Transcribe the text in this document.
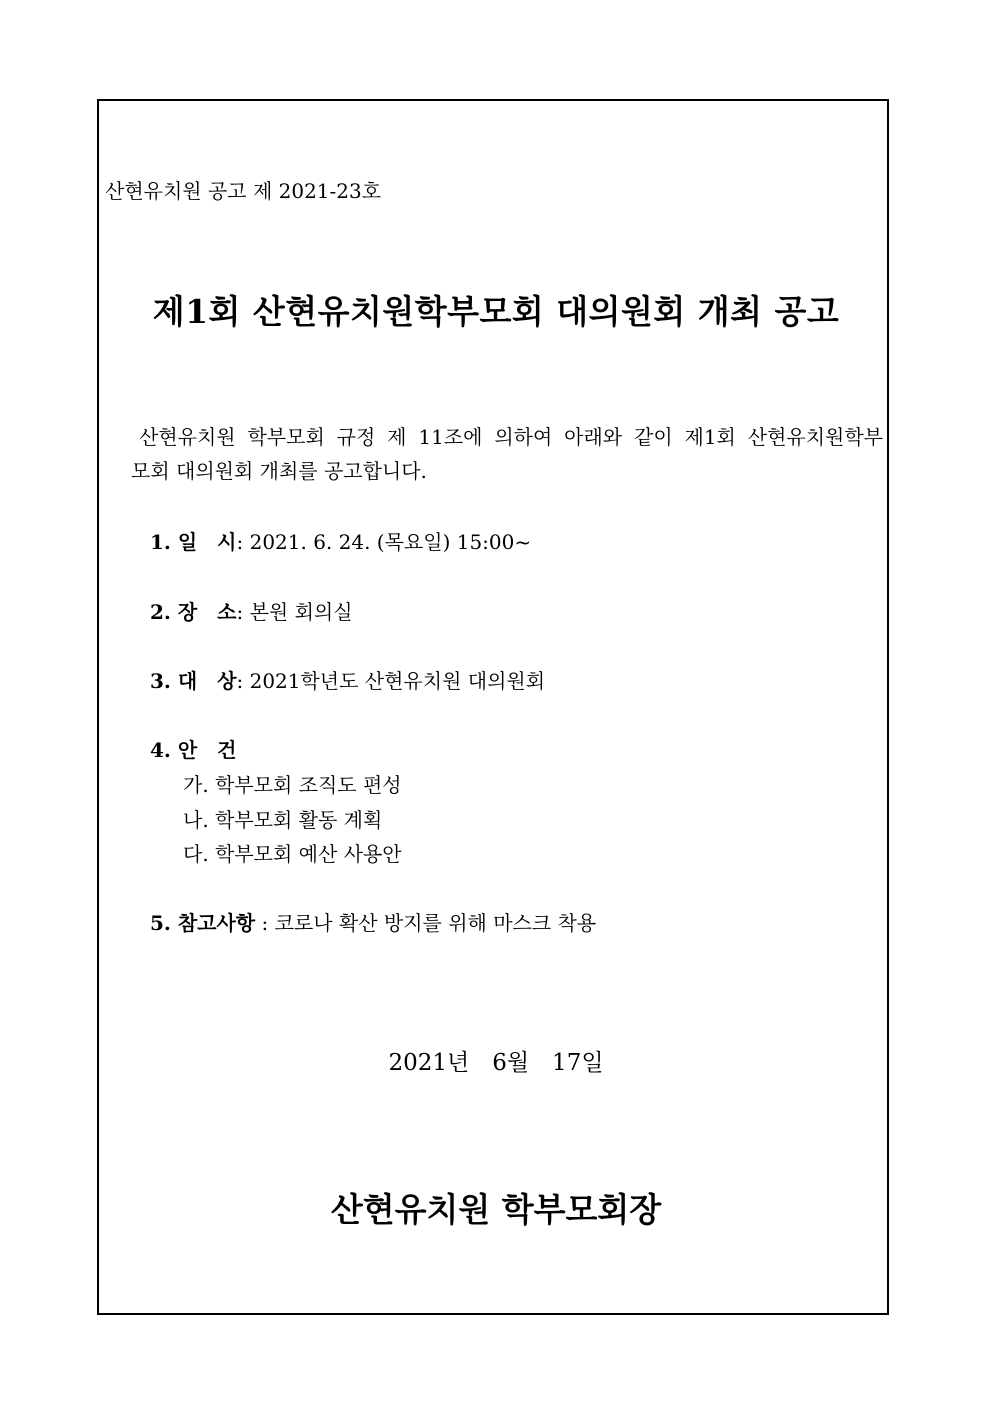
산현유치원 공고 제 2021-23호
제1회 산현유치원학부모회 대의원회 개최 공고
산현유치원 학부모회 규정 제 11조에 의하여 아래와 같이 제1회 산현유치원학부
모회 대의원회 개최를 공고합니다.
1. 일　시: 2021. 6. 24. (목요일) 15:00~
2. 장　소: 본원 회의실
3. 대　상: 2021학년도 산현유치원 대의원회
4. 안　건
가. 학부모회 조직도 편성
나. 학부모회 활동 계획
다. 학부모회 예산 사용안
5. 참고사항 : 코로나 확산 방지를 위해 마스크 착용
2021년　6월　17일
산현유치원 학부모회장
